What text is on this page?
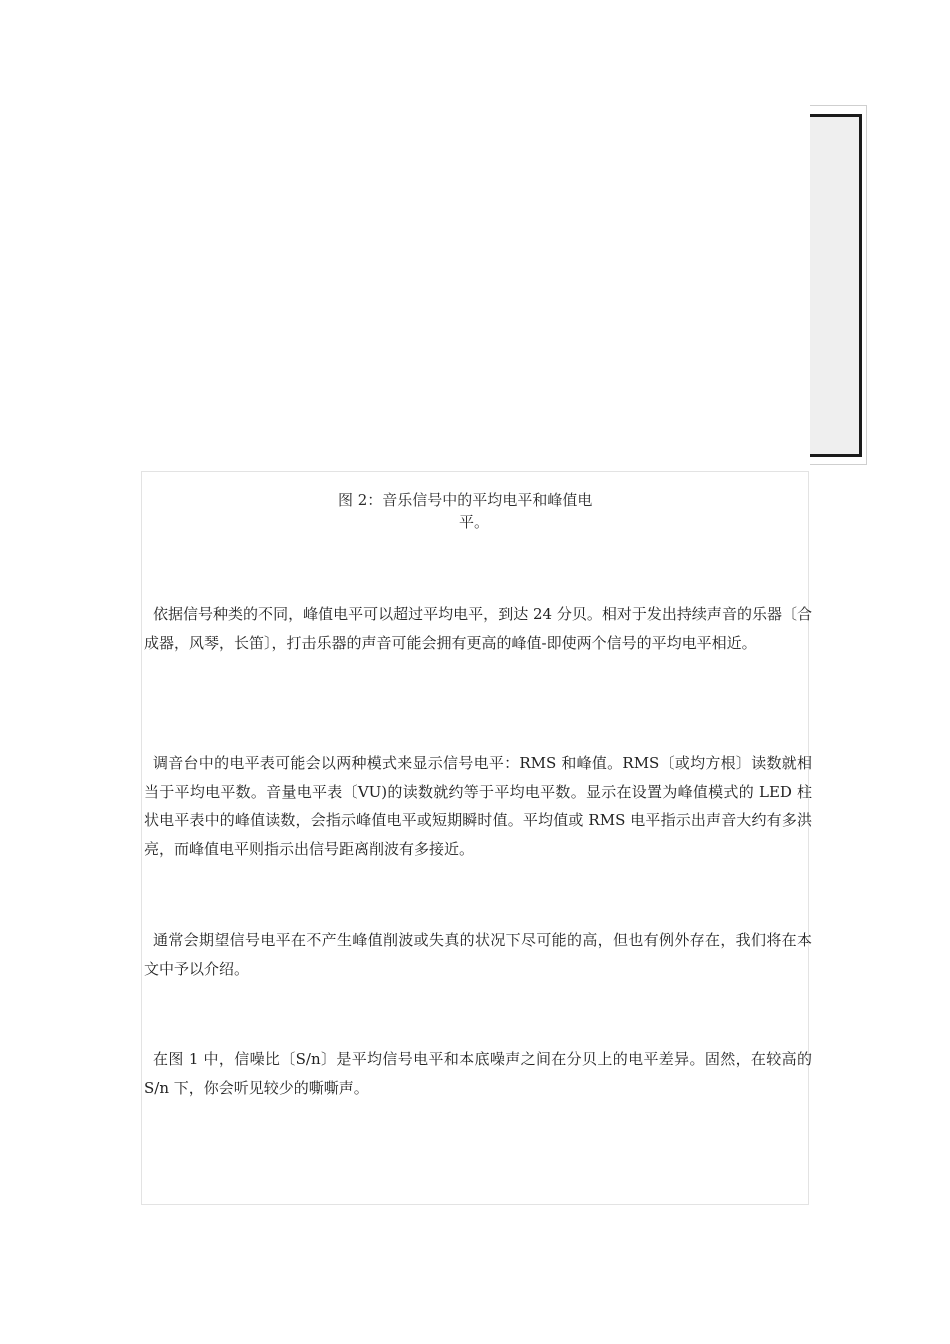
图 2：音乐信号中的平均电平和峰值电
平。

依据信号种类的不同，峰值电平可以超过平均电平，到达 24 分贝。相对于发出持续声音的乐器〔合成器，风琴，长笛〕，打击乐器的声音可能会拥有更高的峰值-即使两个信号的平均电平相近。

调音台中的电平表可能会以两种模式来显示信号电平：RMS 和峰值。RMS〔或均方根〕读数就相当于平均电平数。音量电平表〔VU)的读数就约等于平均电平数。显示在设置为峰值模式的 LED 柱状电平表中的峰值读数，会指示峰值电平或短期瞬时值。平均值或 RMS 电平指示出声音大约有多洪亮，而峰值电平则指示出信号距离削波有多接近。

通常会期望信号电平在不产生峰值削波或失真的状况下尽可能的高，但也有例外存在，我们将在本文中予以介绍。

在图 1 中，信噪比〔S/n〕是平均信号电平和本底噪声之间在分贝上的电平差异。固然，在较高的 S/n 下，你会听见较少的嘶嘶声。
